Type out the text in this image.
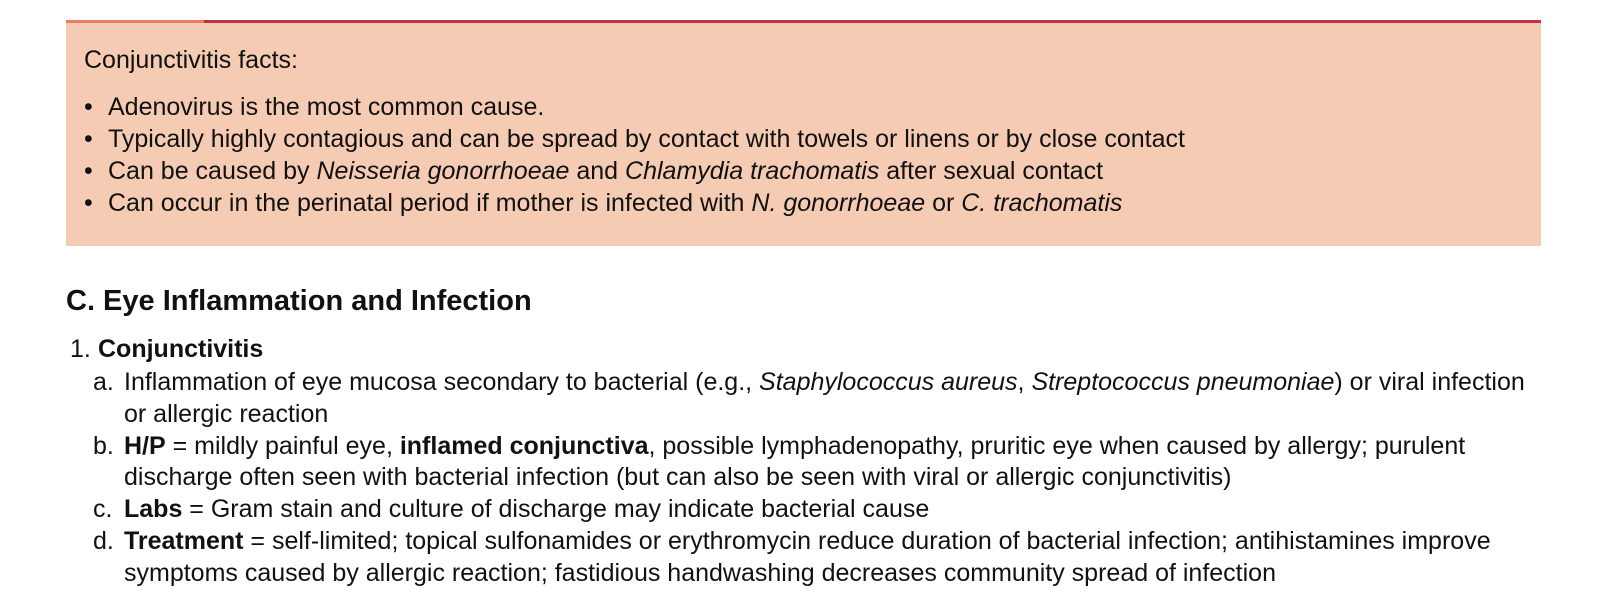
Conjunctivitis facts:

• Adenovirus is the most common cause.
• Typically highly contagious and can be spread by contact with towels or linens or by close contact
• Can be caused by Neisseria gonorrhoeae and Chlamydia trachomatis after sexual contact
• Can occur in the perinatal period if mother is infected with N. gonorrhoeae or C. trachomatis
C. Eye Inflammation and Infection
1. Conjunctivitis
a. Inflammation of eye mucosa secondary to bacterial (e.g., Staphylococcus aureus, Streptococcus pneumoniae) or viral infection or allergic reaction
b. H/P = mildly painful eye, inflamed conjunctiva, possible lymphadenopathy, pruritic eye when caused by allergy; purulent discharge often seen with bacterial infection (but can also be seen with viral or allergic conjunctivitis)
c. Labs = Gram stain and culture of discharge may indicate bacterial cause
d. Treatment = self-limited; topical sulfonamides or erythromycin reduce duration of bacterial infection; antihistamines improve symptoms caused by allergic reaction; fastidious handwashing decreases community spread of infection
